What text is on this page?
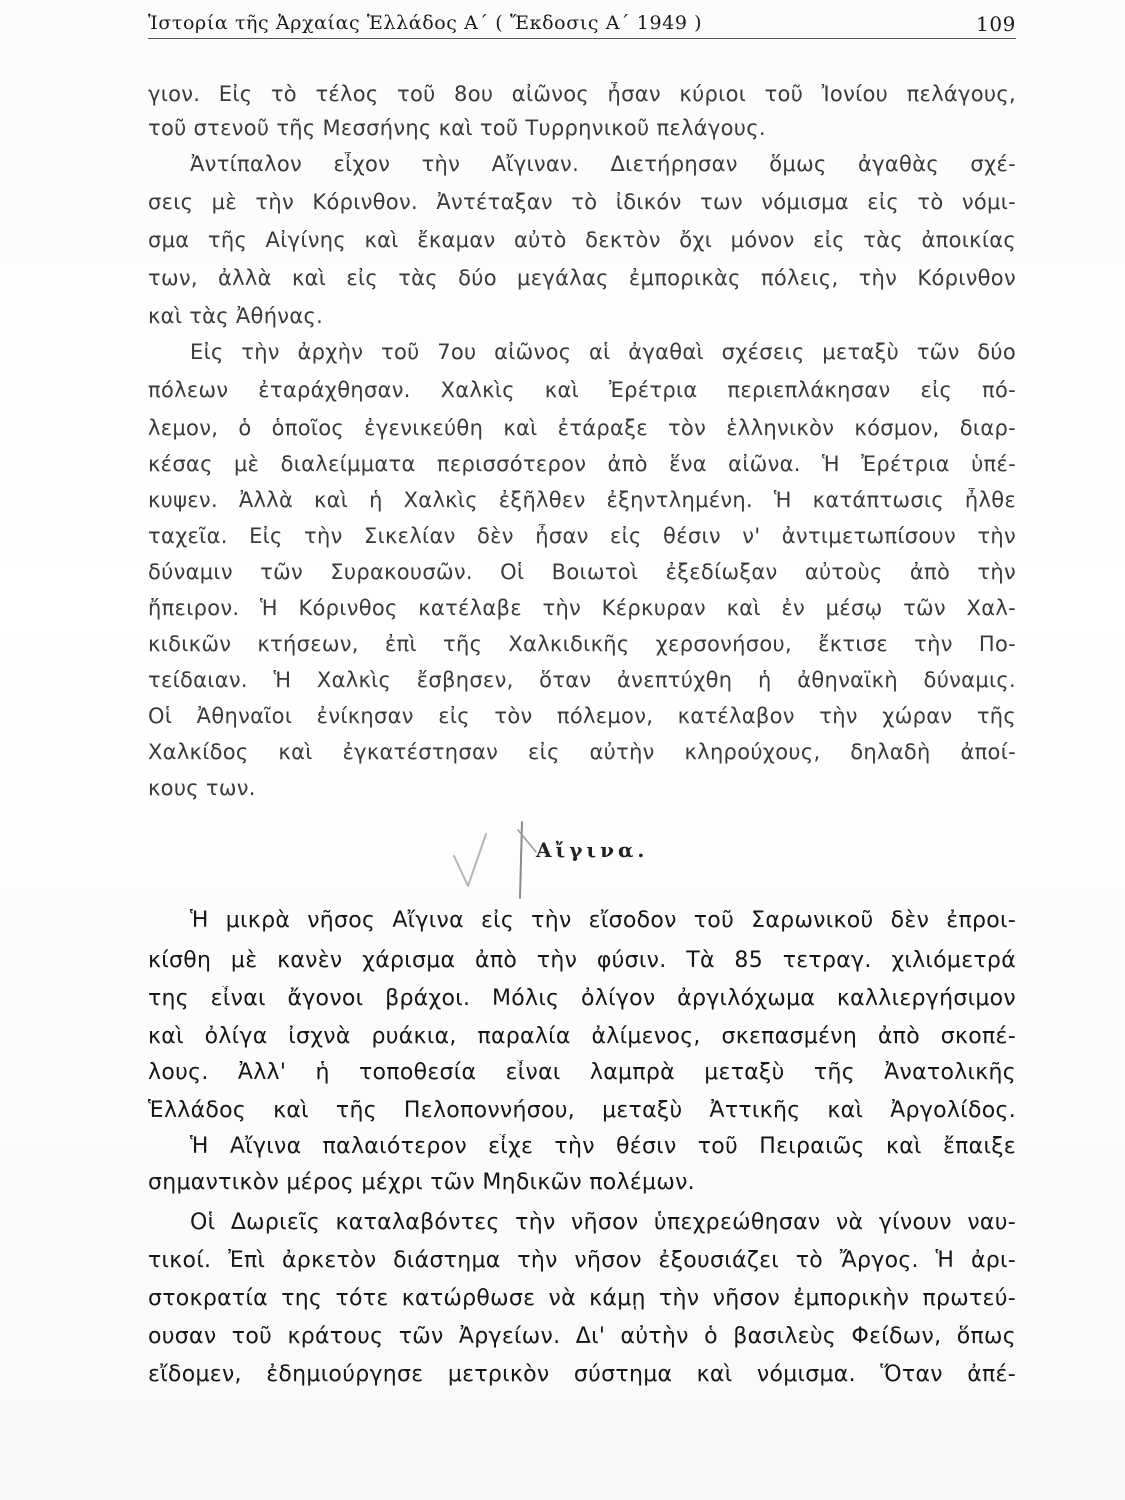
Ἱστορία τῆς Ἀρχαίας Ἑλλάδος Α΄ ( Ἔκδοσις Α΄ 1949 )	109
γιον. Εἰς τὸ τέλος τοῦ 8ου αἰῶνος ἦσαν κύριοι τοῦ Ἰονίου πελάγους,
τοῦ στενοῦ τῆς Μεσσήνης καὶ τοῦ Τυρρηνικοῦ πελάγους.
Ἀντίπαλον εἶχον τὴν Αἴγιναν. Διετήρησαν ὅμως ἀγαθὰς σχέ-
σεις μὲ τὴν Κόρινθον. Ἀντέταξαν τὸ ἰδικόν των νόμισμα εἰς τὸ νόμι-
σμα τῆς Αἰγίνης καὶ ἔκαμαν αὐτὸ δεκτὸν ὄχι μόνον εἰς τὰς ἀποικίας
των, ἀλλὰ καὶ εἰς τὰς δύο μεγάλας ἐμπορικὰς πόλεις, τὴν Κόρινθον
καὶ τὰς Ἀθήνας.
Εἰς τὴν ἀρχὴν τοῦ 7ου αἰῶνος αἱ ἀγαθαὶ σχέσεις μεταξὺ τῶν δύο
πόλεων ἐταράχθησαν. Χαλκὶς καὶ Ἐρέτρια περιεπλάκησαν εἰς πό-
λεμον, ὁ ὁποῖος ἐγενικεύθη καὶ ἐτάραξε τὸν ἑλληνικὸν κόσμον, διαρ-
κέσας μὲ διαλείμματα περισσότερον ἀπὸ ἕνα αἰῶνα. Ἡ Ἐρέτρια ὑπέ-
κυψεν. Ἀλλὰ καὶ ἡ Χαλκὶς ἐξῆλθεν ἐξηντλημένη. Ἡ κατάπτωσις ἦλθε
ταχεῖα. Εἰς τὴν Σικελίαν δὲν ἦσαν εἰς θέσιν ν' ἀντιμετωπίσουν τὴν
δύναμιν τῶν Συρακουσῶν. Οἱ Βοιωτοὶ ἐξεδίωξαν αὐτοὺς ἀπὸ τὴν
ἤπειρον. Ἡ Κόρινθος κατέλαβε τὴν Κέρκυραν καὶ ἐν μέσῳ τῶν Χαλ-
κιδικῶν κτήσεων, ἐπὶ τῆς Χαλκιδικῆς χερσονήσου, ἔκτισε τὴν Πο-
τείδαιαν. Ἡ Χαλκὶς ἔσβησεν, ὅταν ἀνεπτύχθη ἡ ἀθηναϊκὴ δύναμις.
Οἱ Ἀθηναῖοι ἐνίκησαν εἰς τὸν πόλεμον, κατέλαβον τὴν χώραν τῆς
Χαλκίδος καὶ ἐγκατέστησαν εἰς αὐτὴν κληρούχους, δηλαδὴ ἀποί-
κους των.
Αἴγινα.
Ἡ μικρὰ νῆσος Αἴγινα εἰς τὴν εἴσοδον τοῦ Σαρωνικοῦ δὲν ἐπροι-
κίσθη μὲ κανὲν χάρισμα ἀπὸ τὴν φύσιν. Τὰ 85 τετραγ. χιλιόμετρά
της εἶναι ἄγονοι βράχοι. Μόλις ὀλίγον ἀργιλόχωμα καλλιεργήσιμον
καὶ ὀλίγα ἰσχνὰ ρυάκια, παραλία ἀλίμενος, σκεπασμένη ἀπὸ σκοπέ-
λους. Ἀλλ' ἡ τοποθεσία εἶναι λαμπρὰ μεταξὺ τῆς Ἀνατολικῆς
Ἑλλάδος καὶ τῆς Πελοποννήσου, μεταξὺ Ἀττικῆς καὶ Ἀργολίδος.
Ἡ Αἴγινα παλαιότερον εἶχε τὴν θέσιν τοῦ Πειραιῶς καὶ ἔπαιξε
σημαντικὸν μέρος μέχρι τῶν Μηδικῶν πολέμων.
Οἱ Δωριεῖς καταλαβόντες τὴν νῆσον ὑπεχρεώθησαν νὰ γίνουν ναυ-
τικοί. Ἐπὶ ἀρκετὸν διάστημα τὴν νῆσον ἐξουσιάζει τὸ Ἄργος. Ἡ ἀρι-
στοκρατία της τότε κατώρθωσε νὰ κάμῃ τὴν νῆσον ἐμπορικὴν πρωτεύ-
ουσαν τοῦ κράτους τῶν Ἀργείων. Δι' αὐτὴν ὁ βασιλεὺς Φείδων, ὅπως
εἴδομεν, ἐδημιούργησε μετρικὸν σύστημα καὶ νόμισμα. Ὅταν ἀπέ-
